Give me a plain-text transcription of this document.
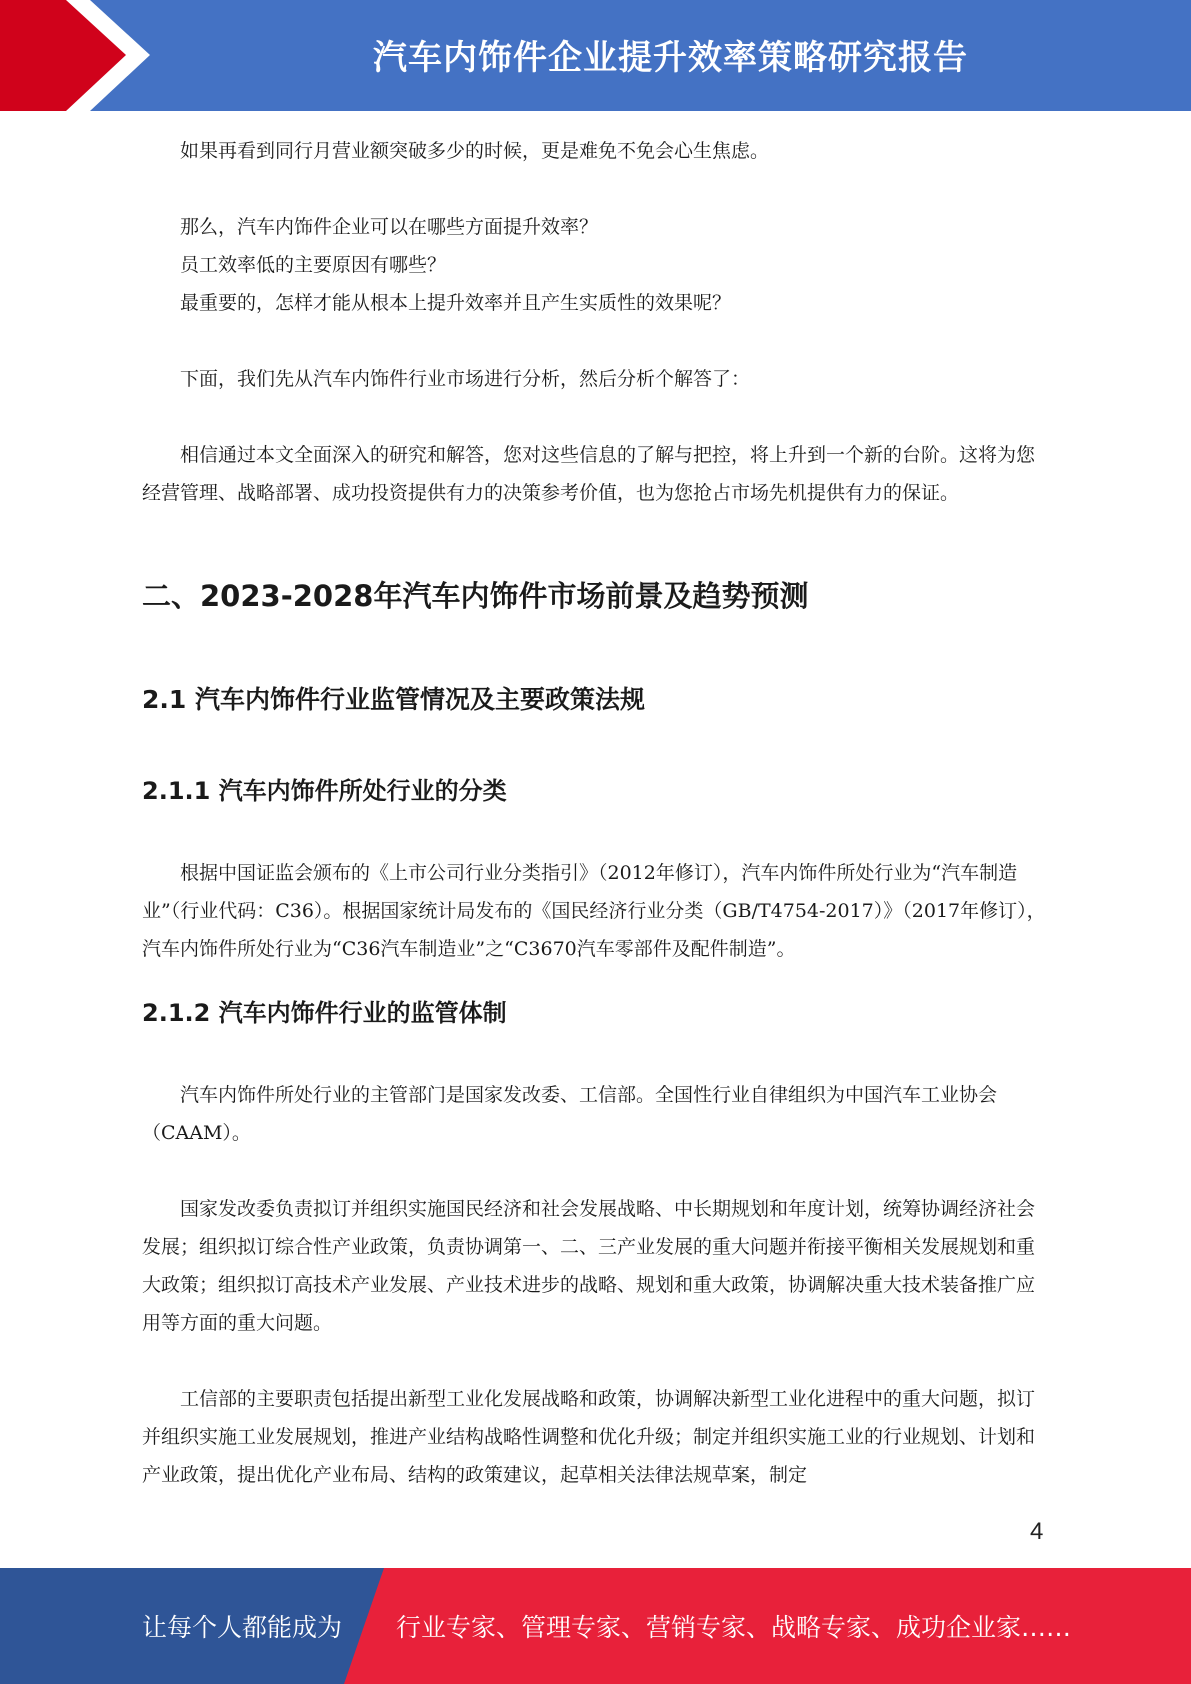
汽车内饰件企业提升效率策略研究报告

如果再看到同行月营业额突破多少的时候，更是难免不免会心生焦虑。

那么，汽车内饰件企业可以在哪些方面提升效率？

员工效率低的主要原因有哪些？

最重要的，怎样才能从根本上提升效率并且产生实质性的效果呢？

下面，我们先从汽车内饰件行业市场进行分析，然后分析个解答了：

相信通过本文全面深入的研究和解答，您对这些信息的了解与把控，将上升到一个新的台阶。这将为您经营管理、战略部署、成功投资提供有力的决策参考价值，也为您抢占市场先机提供有力的保证。

二、2023-2028年汽车内饰件市场前景及趋势预测
2.1 汽车内饰件行业监管情况及主要政策法规
2.1.1 汽车内饰件所处行业的分类

根据中国证监会颁布的《上市公司行业分类指引》（2012年修订），汽车内饰件所处行业为“汽车制造业”（行业代码：C36）。根据国家统计局发布的《国民经济行业分类（GB/T4754-2017）》（2017年修订），汽车内饰件所处行业为“C36汽车制造业”之“C3670汽车零部件及配件制造”。

2.1.2 汽车内饰件行业的监管体制

汽车内饰件所处行业的主管部门是国家发改委、工信部。全国性行业自律组织为中国汽车工业协会（CAAM）。

国家发改委负责拟订并组织实施国民经济和社会发展战略、中长期规划和年度计划，统筹协调经济社会发展；组织拟订综合性产业政策，负责协调第一、二、三产业发展的重大问题并衔接平衡相关发展规划和重大政策；组织拟订高技术产业发展、产业技术进步的战略、规划和重大政策，协调解决重大技术装备推广应用等方面的重大问题。

工信部的主要职责包括提出新型工业化发展战略和政策，协调解决新型工业化进程中的重大问题，拟订并组织实施工业发展规划，推进产业结构战略性调整和优化升级；制定并组织实施工业的行业规划、计划和产业政策，提出优化产业布局、结构的政策建议，起草相关法律法规草案，制定

4
让每个人都能成为 行业专家、管理专家、营销专家、战略专家、成功企业家……
